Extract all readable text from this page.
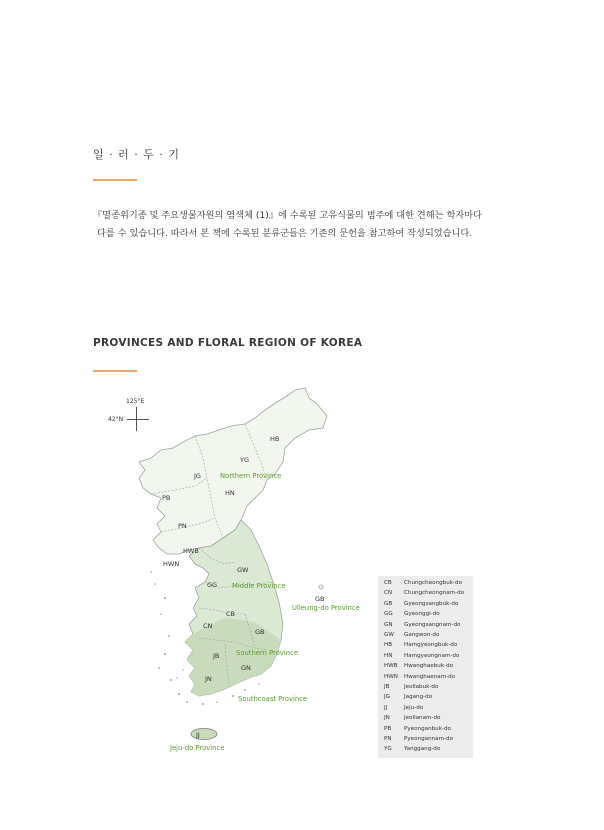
일 · 러 · 두 · 기

『멸종위기종 및 주요생물자원의 염색체 (1)』에 수록된 고유식물의 범주에 대한 견해는 학자마다

다를 수 있습니다. 따라서 본 책에 수록된 분류군들은 기존의 문헌을 참고하여 작성되었습니다.

PROVINCES AND FLORAL REGION OF KOREA
125°E
42°N
HB
YG
JG
HN
PB
PN
HWB
HWN
GW
GG
GB
CB
CN
GB
JB
GN
JN
JJ
Northern Province
Middle Province
Ulleung-do Province
Southern Province
Southcoast Province
Jeju-do Province
CB Chungcheongbuk-do
CN Chungcheongnam-do
GB Gyeongsangbuk-do
GG Gyeonggi-do
GN Gyeongsangnam-do
GW Gangwon-do
HB Hamgyeongbuk-do
HN Hamgyeongnam-do
HWB Hwanghaebuk-do
HWN Hwanghaenam-do
JB	Jeollabuk-do
JG	Jagang-do
JJ	Jeju-do
JN	Jeollanam-do
PB Pyeonganbuk-do
PN Pyeongannam-do
YG Yanggang-do
